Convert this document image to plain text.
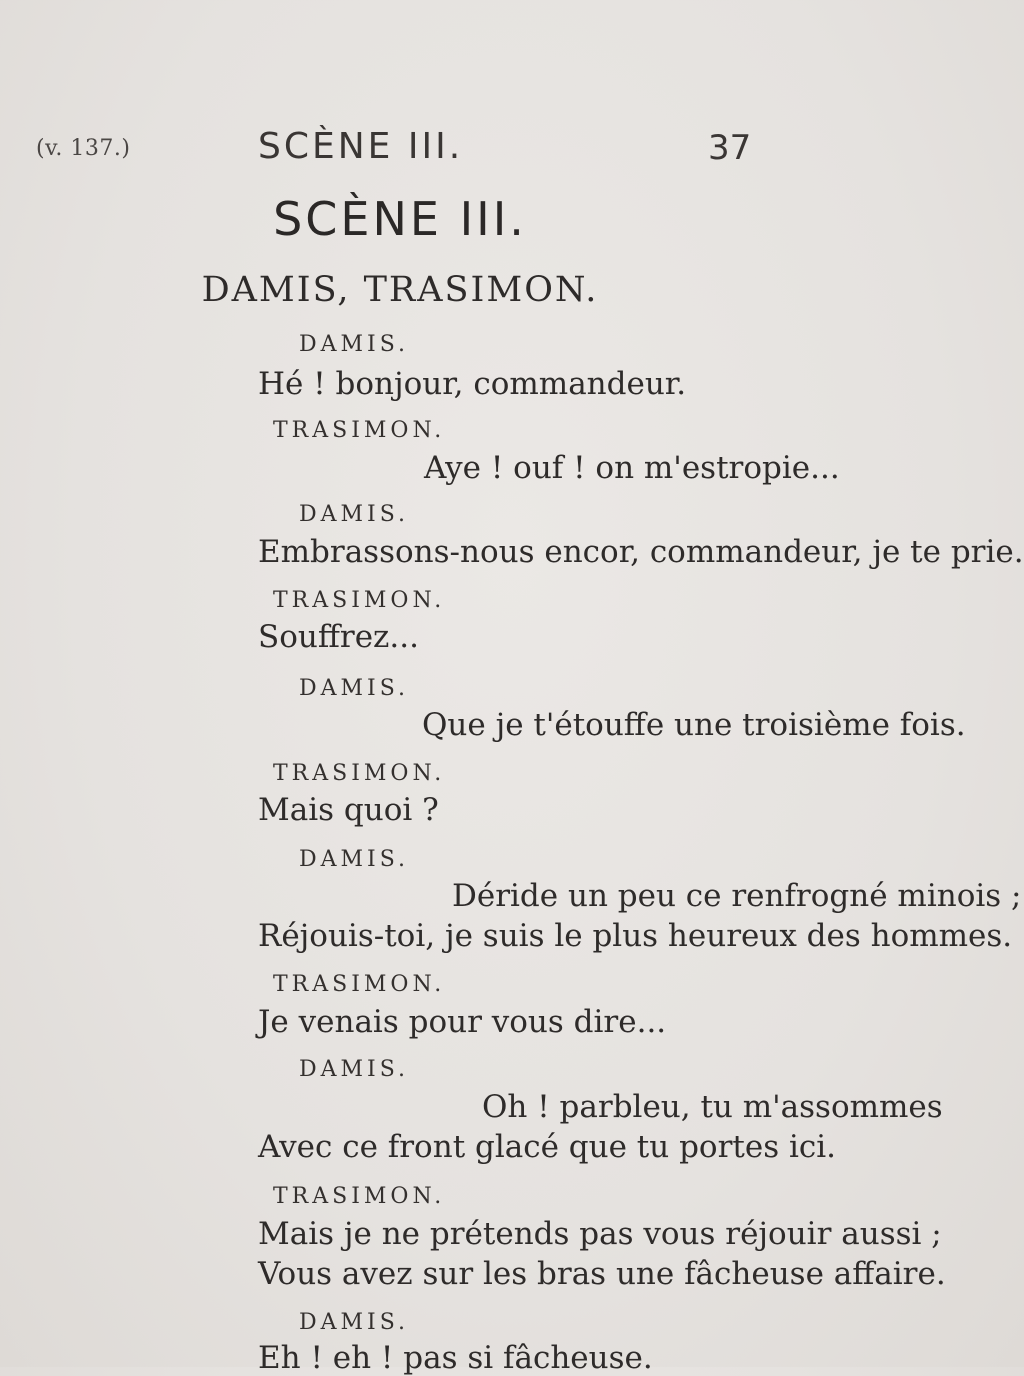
(v. 137.)	SCÈNE III.	37
SCÈNE III.
DAMIS, TRASIMON.
DAMIS.
Hé ! bonjour, commandeur.
TRASIMON.
Aye ! ouf ! on m'estropie...
DAMIS.
Embrassons-nous encor, commandeur, je te prie.
TRASIMON.
Souffrez...
DAMIS.
Que je t'étouffe une troisième fois.
TRASIMON.
Mais quoi ?
DAMIS.
Déride un peu ce renfrogné minois ;
Réjouis-toi, je suis le plus heureux des hommes.
TRASIMON.
Je venais pour vous dire...
DAMIS.
Oh ! parbleu, tu m'assommes
Avec ce front glacé que tu portes ici.
TRASIMON.
Mais je ne prétends pas vous réjouir aussi ;
Vous avez sur les bras une fâcheuse affaire.
DAMIS.
Eh ! eh ! pas si fâcheuse.
